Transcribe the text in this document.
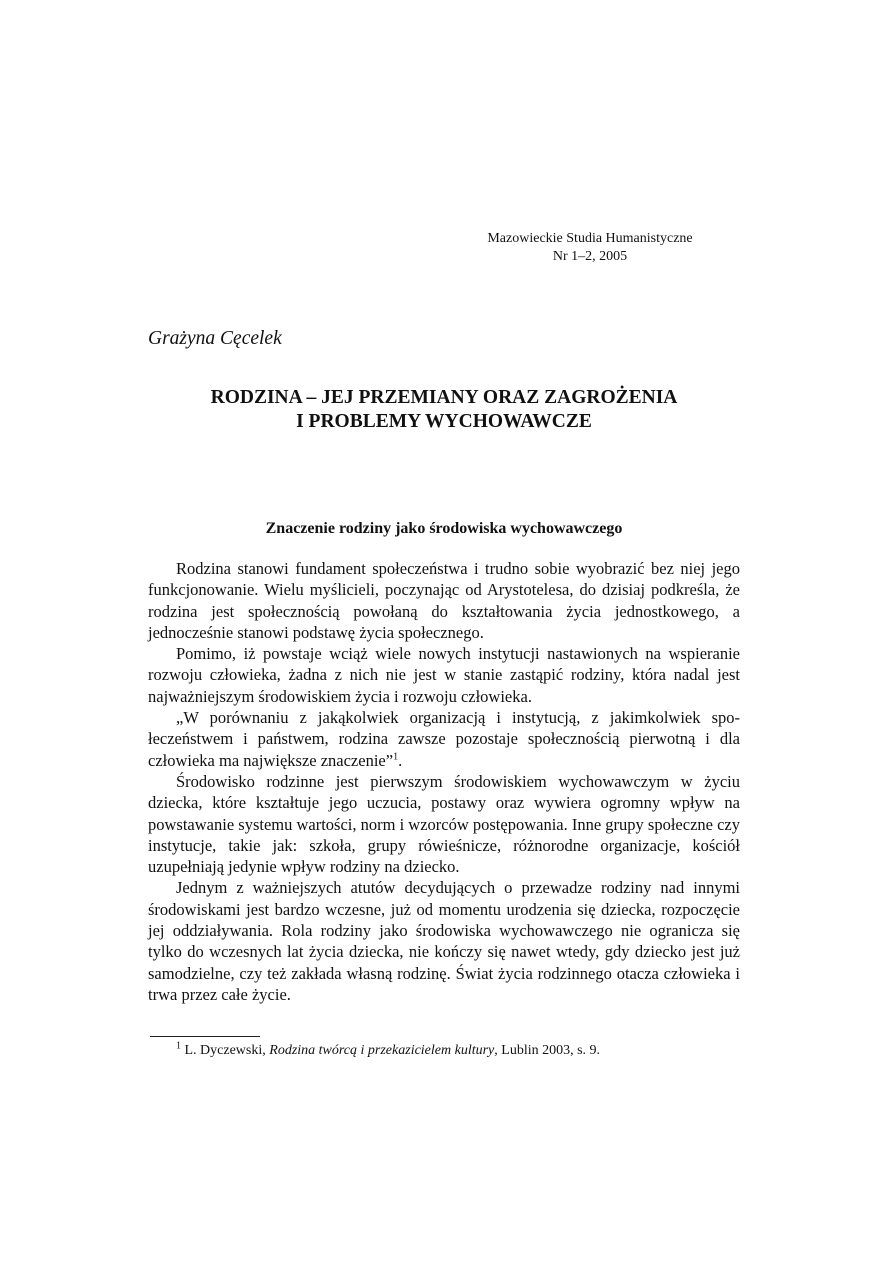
Mazowieckie Studia Humanistyczne
Nr 1–2, 2005
Grażyna Cęcelek
RODZINA – JEJ PRZEMIANY ORAZ ZAGROŻENIA
I PROBLEMY WYCHOWAWCZE
Znaczenie rodziny jako środowiska wychowawczego

Rodzina stanowi fundament społeczeństwa i trudno sobie wyobrazić bez niej jego funkcjonowanie. Wielu myślicieli, poczynając od Arystotelesa, do dzisiaj podkreśla, że rodzina jest społecznością powołaną do kształtowania życia jednostkowego, a jednocześnie stanowi podstawę życia społecznego.

Pomimo, iż powstaje wciąż wiele nowych instytucji nastawionych na wspieranie rozwoju człowieka, żadna z nich nie jest w stanie zastąpić rodziny, która nadal jest najważniejszym środowiskiem życia i rozwoju człowieka.

„W porównaniu z jakąkolwiek organizacją i instytucją, z jakimkolwiek społeczeństwem i państwem, rodzina zawsze pozostaje społecznością pierwotną i dla człowieka ma największe znaczenie”$^1$.

Środowisko rodzinne jest pierwszym środowiskiem wychowawczym w życiu dziecka, które kształtuje jego uczucia, postawy oraz wywiera ogromny wpływ na powstawanie systemu wartości, norm i wzorców postępowania. Inne grupy społeczne czy instytucje, takie jak: szkoła, grupy rówieśnicze, różnorodne organizacje, kościół uzupełniają jedynie wpływ rodziny na dziecko.

Jednym z ważniejszych atutów decydujących o przewadze rodziny nad innymi środowiskami jest bardzo wczesne, już od momentu urodzenia się dziecka, rozpoczęcie jej oddziaływania. Rola rodziny jako środowiska wychowawczego nie ogranicza się tylko do wczesnych lat życia dziecka, nie kończy się nawet wtedy, gdy dziecko jest już samodzielne, czy też zakłada własną rodzinę. Świat życia rodzinnego otacza człowieka i trwa przez całe życie.

$^1$ L. Dyczewski, Rodzina twórcą i przekazicielem kultury, Lublin 2003, s. 9.
